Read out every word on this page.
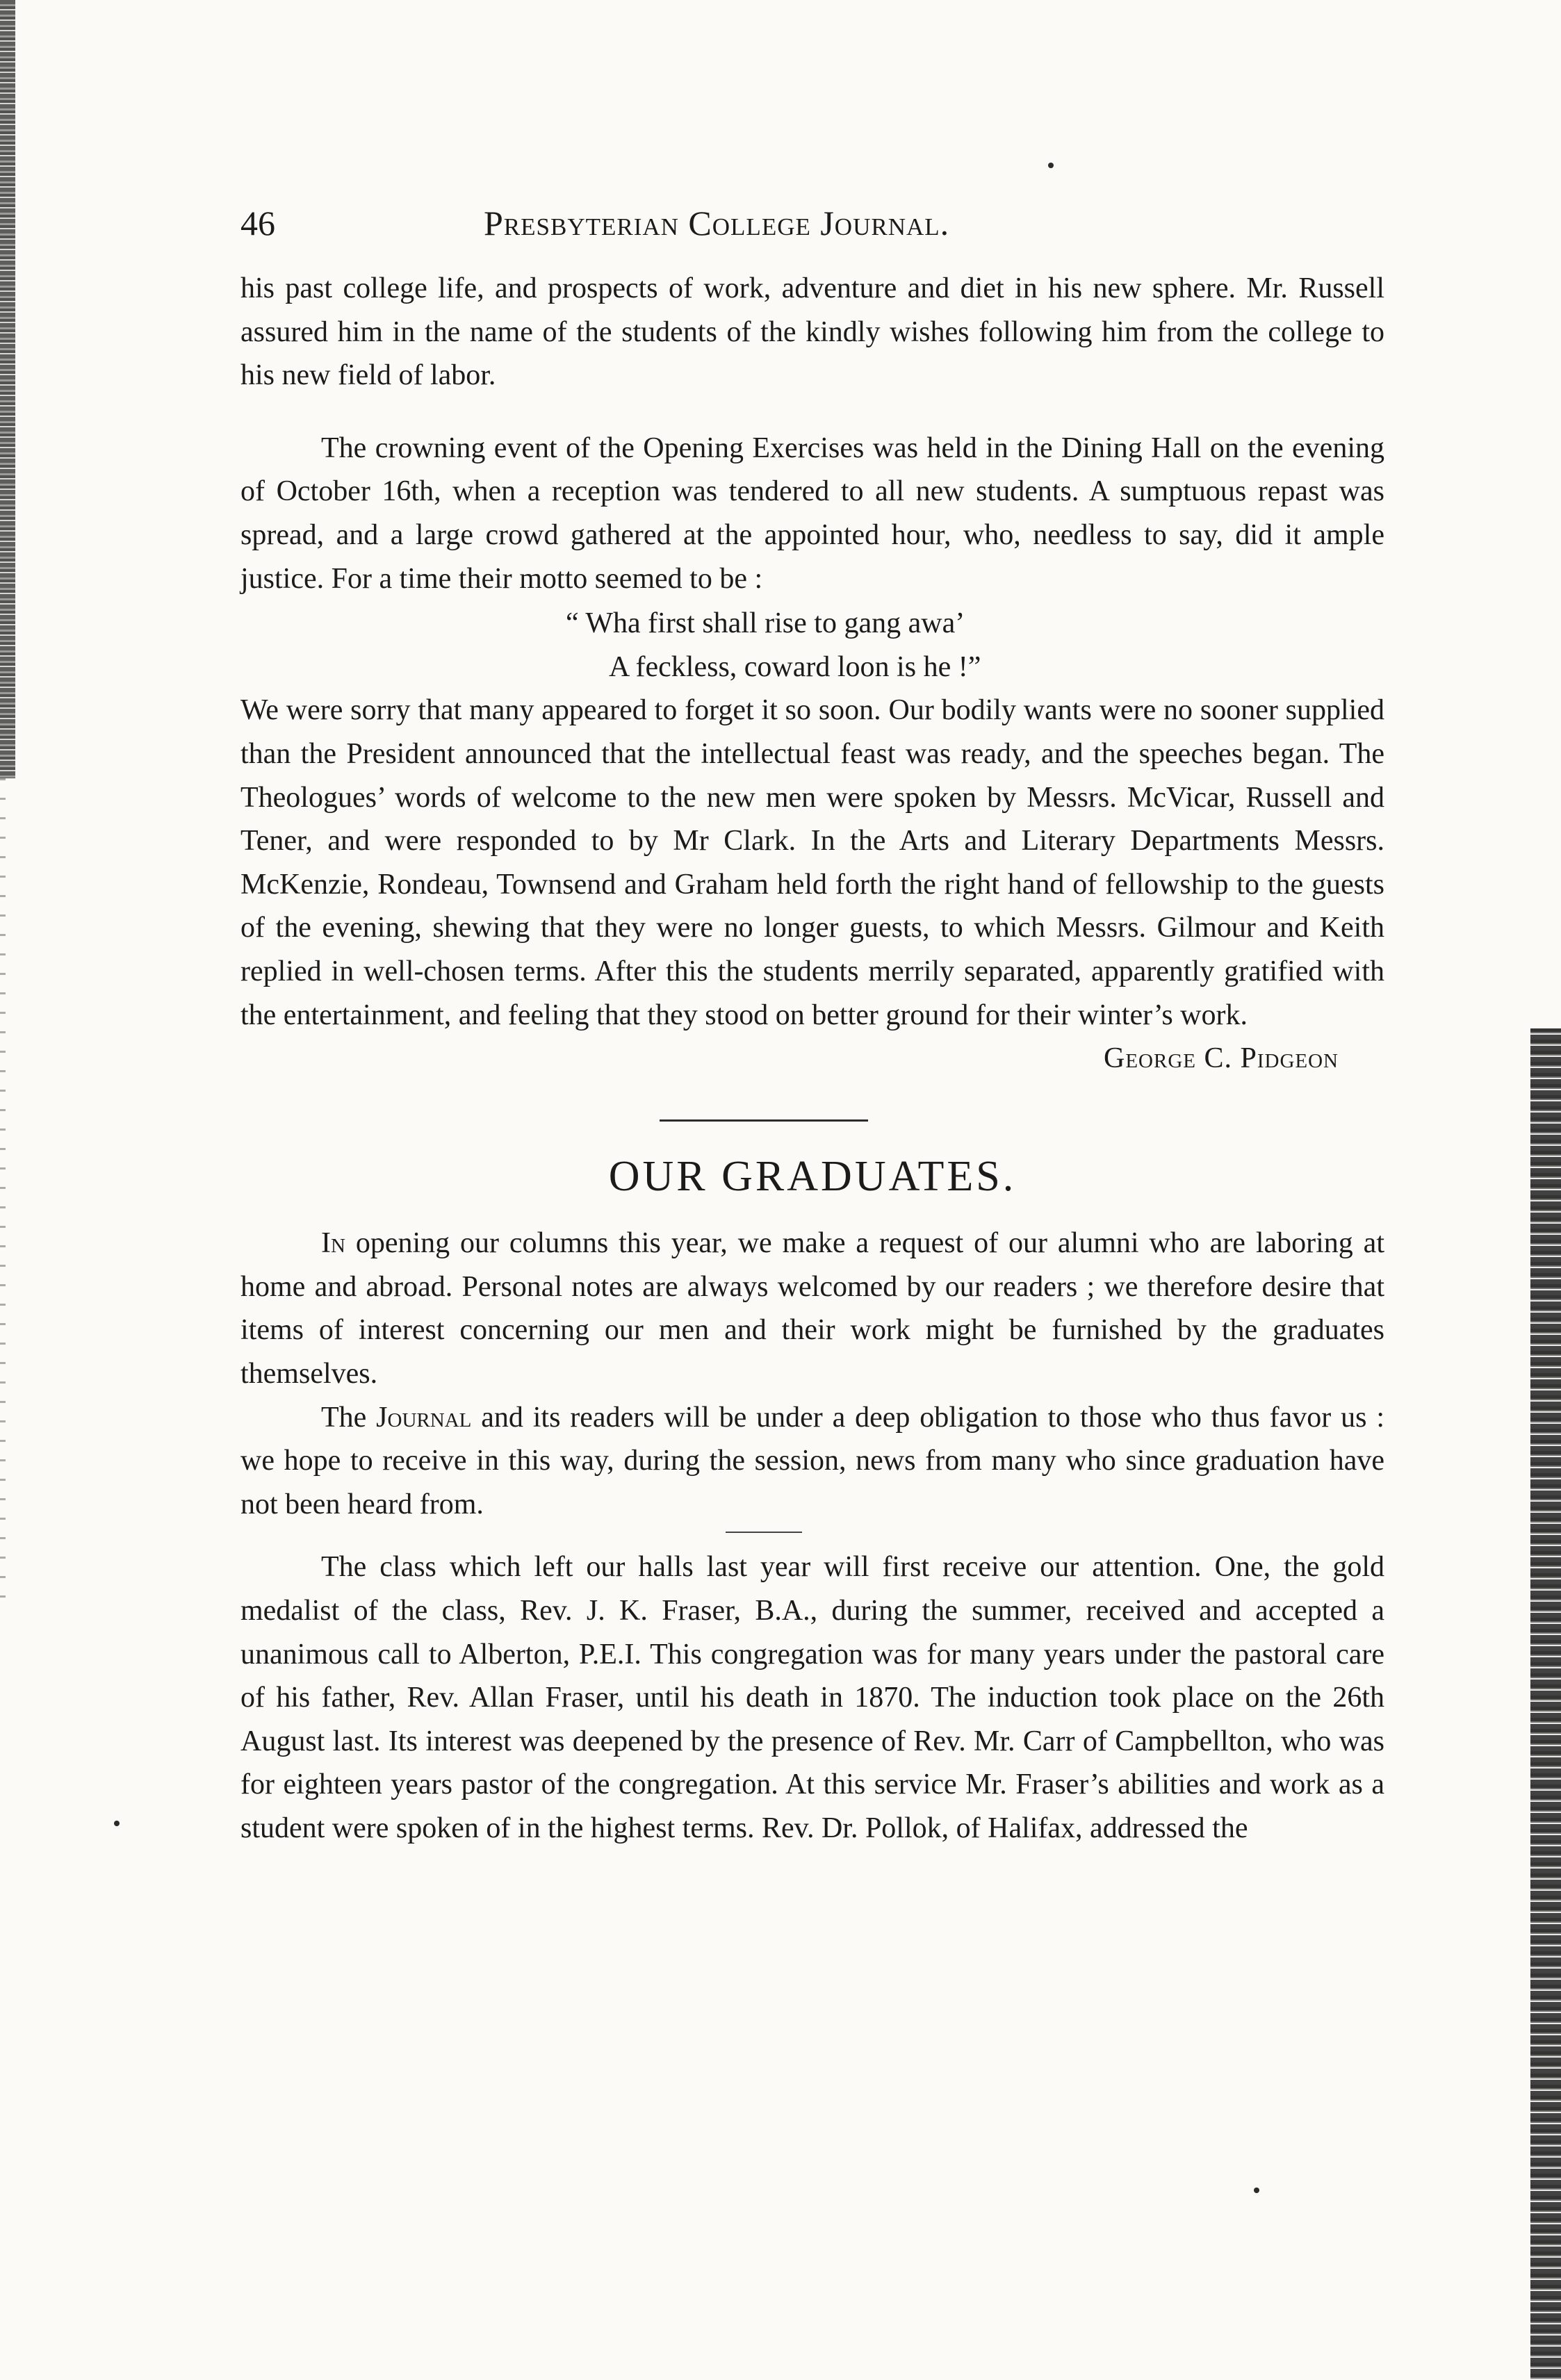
46	Presbyterian College Journal.

his past college life, and prospects of work, adventure and diet in his new sphere. Mr. Russell assured him in the name of the students of the kindly wishes following him from the college to his new field of labor.

The crowning event of the Opening Exercises was held in the Dining Hall on the evening of October 16th, when a reception was tendered to all new students. A sumptuous repast was spread, and a large crowd gathered at the appointed hour, who, needless to say, did it ample justice. For a time their motto seemed to be :

“ Wha first shall rise to gang awa’
A feckless, coward loon is he !”

We were sorry that many appeared to forget it so soon. Our bodily wants were no sooner supplied than the President announced that the intellectual feast was ready, and the speeches began. The Theologues’ words of welcome to the new men were spoken by Messrs. McVicar, Russell and Tener, and were responded to by Mr Clark. In the Arts and Literary Departments Messrs. McKenzie, Rondeau, Townsend and Graham held forth the right hand of fellowship to the guests of the evening, shewing that they were no longer guests, to which Messrs. Gilmour and Keith replied in well-chosen terms. After this the students merrily separated, apparently gratified with the entertainment, and feeling that they stood on better ground for their winter’s work.

George C. Pidgeon
OUR GRADUATES.

In opening our columns this year, we make a request of our alumni who are laboring at home and abroad. Personal notes are always welcomed by our readers ; we therefore desire that items of interest concerning our men and their work might be furnished by the graduates themselves.

The Journal and its readers will be under a deep obligation to those who thus favor us : we hope to receive in this way, during the session, news from many who since graduation have not been heard from.

The class which left our halls last year will first receive our attention. One, the gold medalist of the class, Rev. J. K. Fraser, B.A., during the summer, received and accepted a unanimous call to Alberton, P.E.I. This congregation was for many years under the pastoral care of his father, Rev. Allan Fraser, until his death in 1870. The induction took place on the 26th August last. Its interest was deepened by the presence of Rev. Mr. Carr of Campbellton, who was for eighteen years pastor of the congregation. At this service Mr. Fraser’s abilities and work as a student were spoken of in the highest terms. Rev. Dr. Pollok, of Halifax, addressed the
